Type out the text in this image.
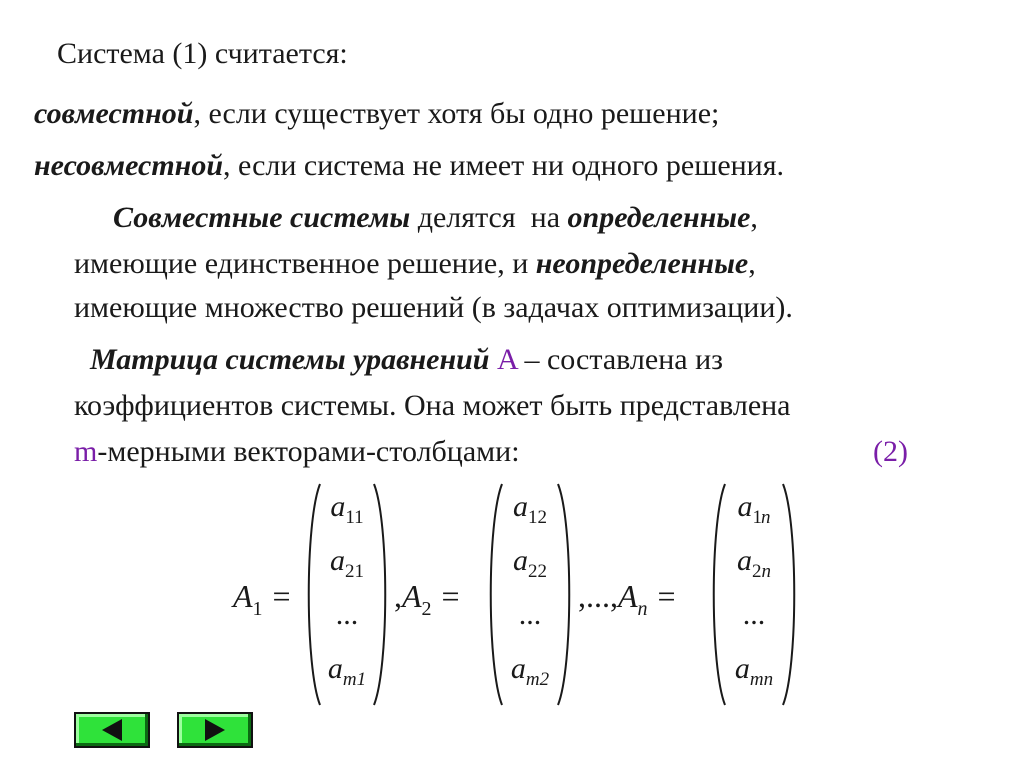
Система (1) считается:
совместной, если существует хотя бы одно решение;
несовместной, если система не имеет ни одного решения.
Совместные системы делятся  на определенные,
имеющие единственное решение, и неопределенные,
имеющие множество решений (в задачах оптимизации).
Матрица системы уравнений A – составлена из
коэффициентов системы. Она может быть представлена
m-мерными векторами-столбцами:	(2)
$A_1$ =
$a_{11}$
$a_{21}$
...
$a_{m1}$
$,A_2$ =
$a_{12}$
$a_{22}$
...
$a_{m2}$
$,...,A_n$ =
$a_{1n}$
$a_{2n}$
...
$a_{mn}$
